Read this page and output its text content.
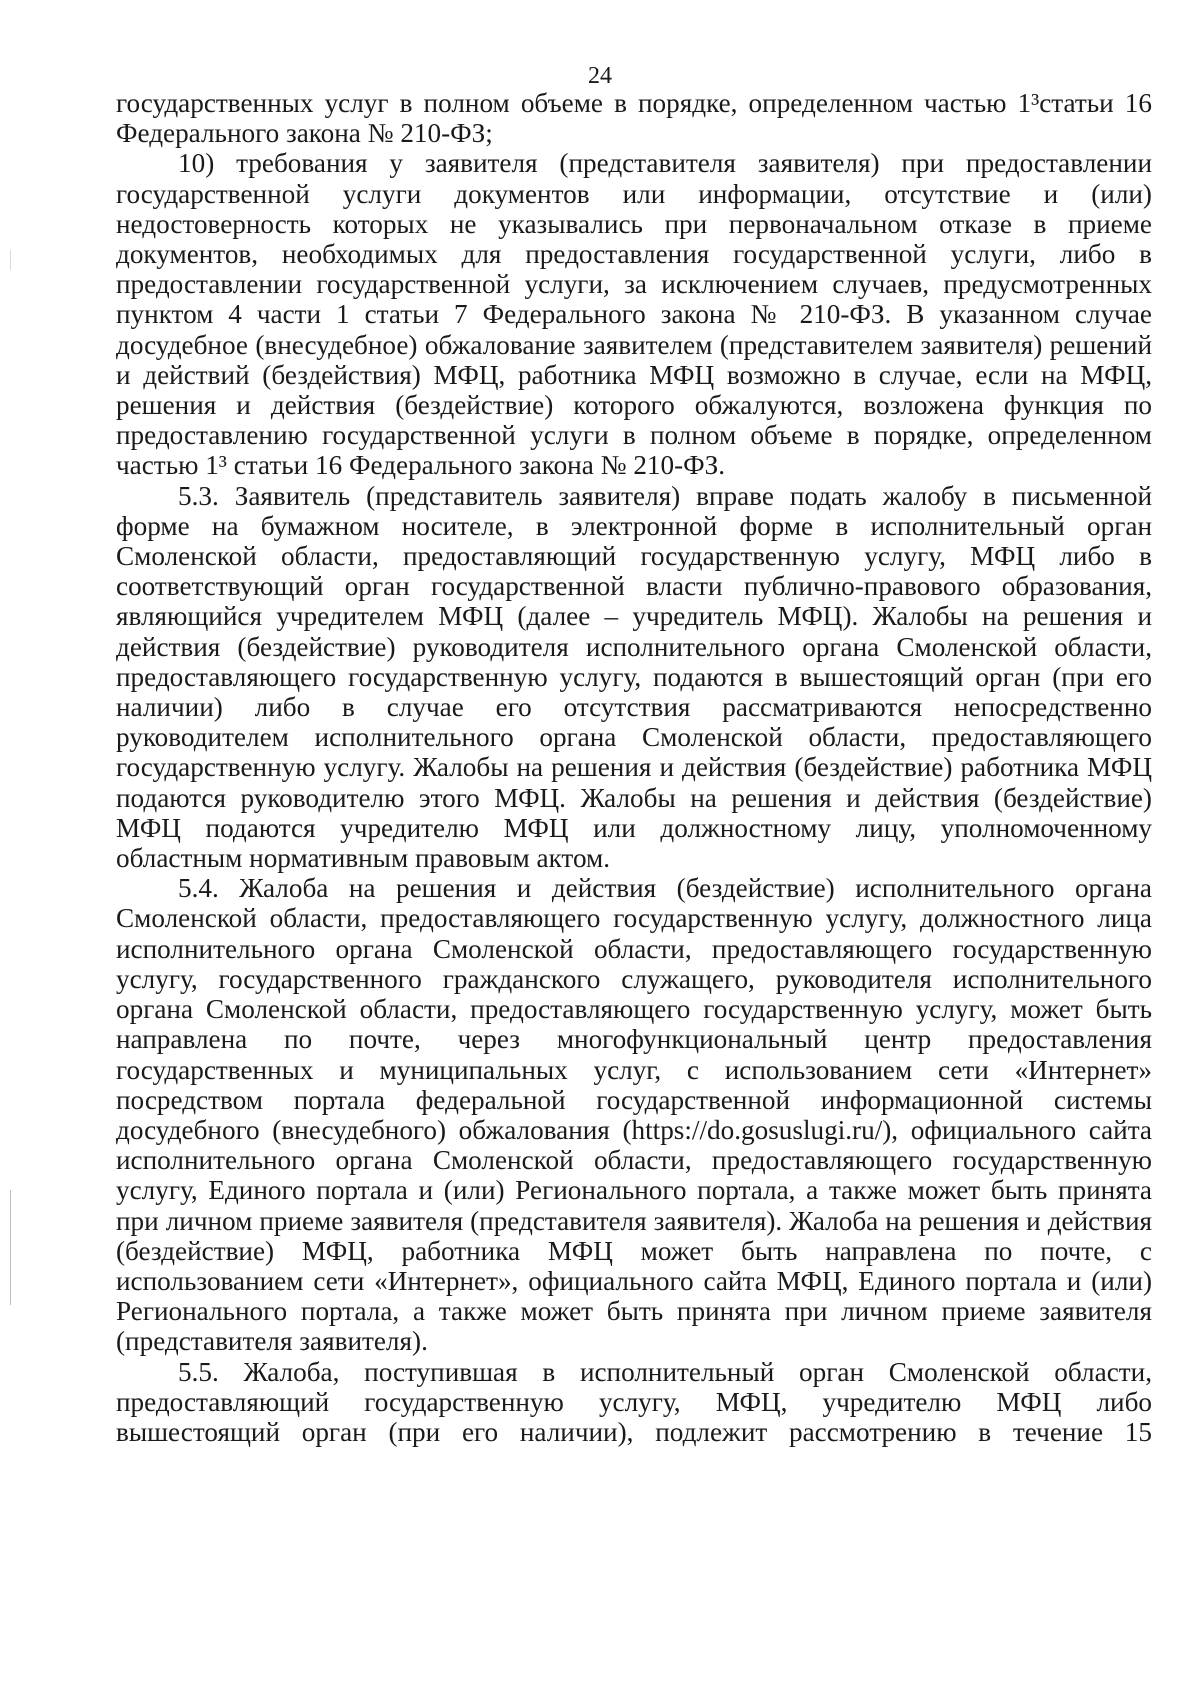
24

государственных услуг в полном объеме в порядке, определенном частью 1³статьи 16 Федерального закона № 210-ФЗ;

10) требования у заявителя (представителя заявителя) при предоставлении государственной услуги документов или информации, отсутствие и (или) недостоверность которых не указывались при первоначальном отказе в приеме документов, необходимых для предоставления государственной услуги, либо в предоставлении государственной услуги, за исключением случаев, предусмотренных пунктом 4 части 1 статьи 7 Федерального закона № 210-ФЗ. В указанном случае досудебное (внесудебное) обжалование заявителем (представителем заявителя) решений и действий (бездействия) МФЦ, работника МФЦ возможно в случае, если на МФЦ, решения и действия (бездействие) которого обжалуются, возложена функция по предоставлению государственной услуги в полном объеме в порядке, определенном частью 1³ статьи 16 Федерального закона № 210-ФЗ.

5.3. Заявитель (представитель заявителя) вправе подать жалобу в письменной форме на бумажном носителе, в электронной форме в исполнительный орган Смоленской области, предоставляющий государственную услугу, МФЦ либо в соответствующий орган государственной власти публично-правового образования, являющийся учредителем МФЦ (далее – учредитель МФЦ). Жалобы на решения и действия (бездействие) руководителя исполнительного органа Смоленской области, предоставляющего государственную услугу, подаются в вышестоящий орган (при его наличии) либо в случае его отсутствия рассматриваются непосредственно руководителем исполнительного органа Смоленской области, предоставляющего государственную услугу. Жалобы на решения и действия (бездействие) работника МФЦ подаются руководителю этого МФЦ. Жалобы на решения и действия (бездействие) МФЦ подаются учредителю МФЦ или должностному лицу, уполномоченному областным нормативным правовым актом.

5.4. Жалоба на решения и действия (бездействие) исполнительного органа Смоленской области, предоставляющего государственную услугу, должностного лица исполнительного органа Смоленской области, предоставляющего государственную услугу, государственного гражданского служащего, руководителя исполнительного органа Смоленской области, предоставляющего государственную услугу, может быть направлена по почте, через многофункциональный центр предоставления государственных и муниципальных услуг, с использованием сети «Интернет» посредством портала федеральной государственной информационной системы досудебного (внесудебного) обжалования (https://do.gosuslugi.ru/), официального сайта исполнительного органа Смоленской области, предоставляющего государственную услугу, Единого портала и (или) Регионального портала, а также может быть принята при личном приеме заявителя (представителя заявителя). Жалоба на решения и действия (бездействие) МФЦ, работника МФЦ может быть направлена по почте, с использованием сети «Интернет», официального сайта МФЦ, Единого портала и (или) Регионального портала, а также может быть принята при личном приеме заявителя (представителя заявителя).

5.5. Жалоба, поступившая в исполнительный орган Смоленской области, предоставляющий государственную услугу, МФЦ, учредителю МФЦ либо вышестоящий орган (при его наличии), подлежит рассмотрению в течение 15
